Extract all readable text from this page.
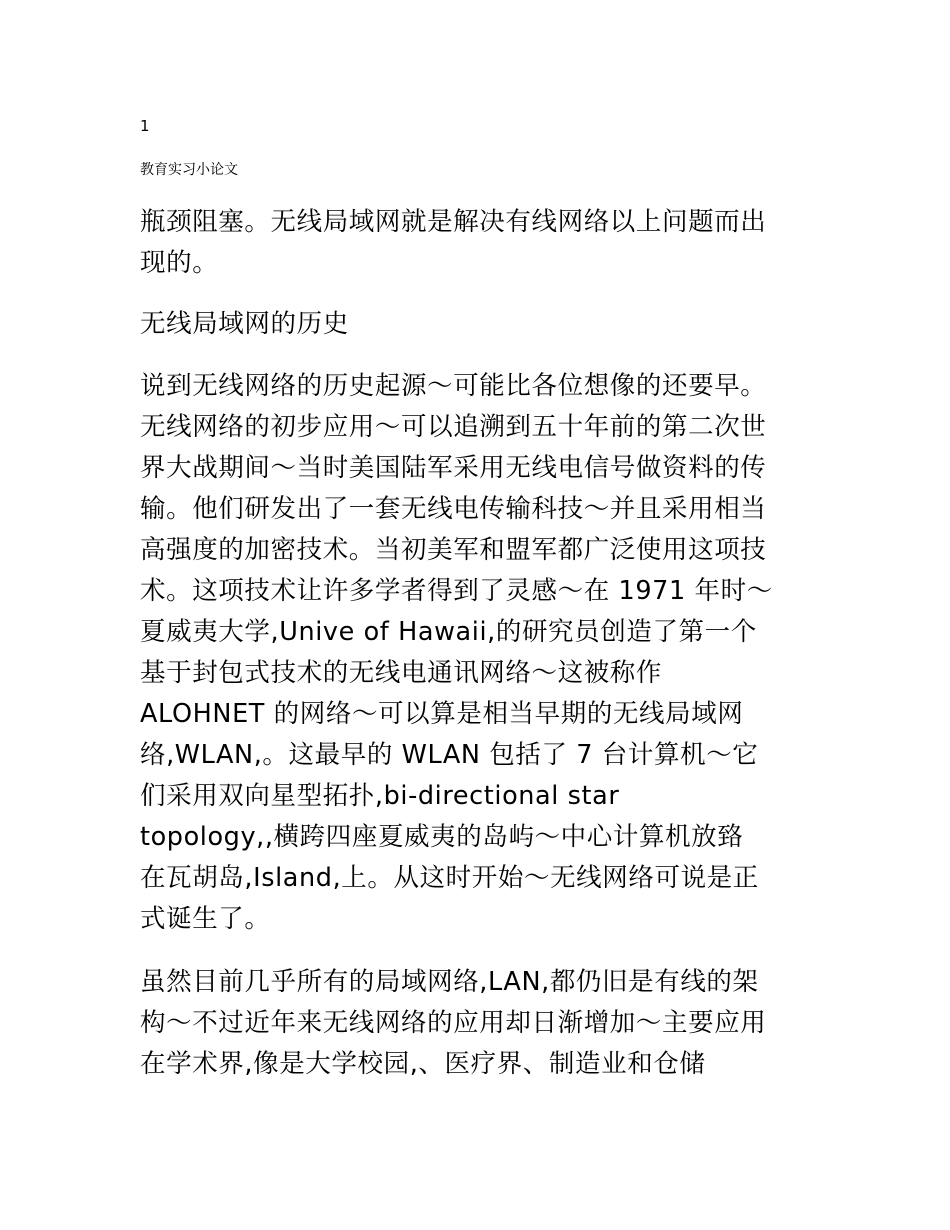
1
教育实习小论文

瓶颈阻塞。无线局域网就是解决有线网络以上问题而出
现的。

无线局域网的历史

说到无线网络的历史起源～可能比各位想像的还要早。
无线网络的初步应用～可以追溯到五十年前的第二次世
界大战期间～当时美国陆军采用无线电信号做资料的传
输。他们研发出了一套无线电传输科技～并且采用相当
高强度的加密技术。当初美军和盟军都广泛使用这项技
术。这项技术让许多学者得到了灵感～在 1971 年时～
夏威夷大学,Unive of Hawaii,的研究员创造了第一个
基于封包式技术的无线电通讯网络～这被称作
ALOHNET 的网络～可以算是相当早期的无线局域网
络,WLAN,。这最早的 WLAN 包括了 7 台计算机～它
们采用双向星型拓扑,bi-directional star
topology,,横跨四座夏威夷的岛屿～中心计算机放臵
在瓦胡岛,Island,上。从这时开始～无线网络可说是正
式诞生了。

虽然目前几乎所有的局域网络,LAN,都仍旧是有线的架
构～不过近年来无线网络的应用却日渐增加～主要应用
在学术界,像是大学校园,、医疗界、制造业和仓储
